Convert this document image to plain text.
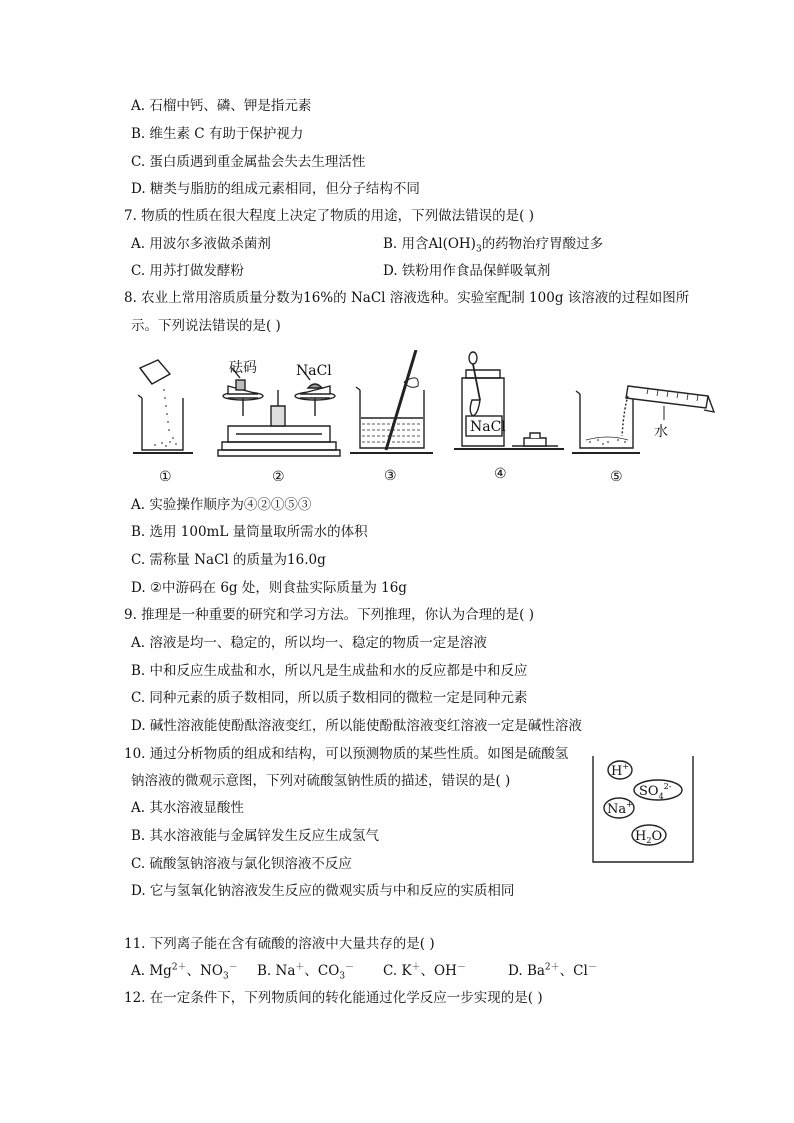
A. 石榴中钙、磷、钾是指元素
B. 维生素 C 有助于保护视力
C. 蛋白质遇到重金属盐会失去生理活性
D. 糖类与脂肪的组成元素相同，但分子结构不同
7. 物质的性质在很大程度上决定了物质的用途，下列做法错误的是( )
A. 用波尔多液做杀菌剂	B. 用含$Al(OH)_3$的药物治疗胃酸过多
C. 用苏打做发酵粉	D. 铁粉用作食品保鲜吸氧剂
8. 农业上常用溶质质量分数为16%的 NaCl 溶液选种。实验室配制 100g 该溶液的过程如图所
示。下列说法错误的是( )
①
砝码	NaCl
②	③
NaCl
④
水
⑤
A. 实验操作顺序为④②①⑤③
B. 选用 100mL 量筒量取所需水的体积
C. 需称量 NaCl 的质量为16.0g
D. ②中游码在 6g 处，则食盐实际质量为 16g
9. 推理是一种重要的研究和学习方法。下列推理，你认为合理的是( )
A. 溶液是均一、稳定的，所以均一、稳定的物质一定是溶液
B. 中和反应生成盐和水，所以凡是生成盐和水的反应都是中和反应
C. 同种元素的质子数相同，所以质子数相同的微粒一定是同种元素
D. 碱性溶液能使酚酞溶液变红，所以能使酚酞溶液变红溶液一定是碱性溶液
10. 通过分析物质的组成和结构，可以预测物质的某些性质。如图是硫酸氢
钠溶液的微观示意图，下列对硫酸氢钠性质的描述，错误的是( )
A. 其水溶液显酸性
B. 其水溶液能与金属锌发生反应生成氢气
C. 硫酸氢钠溶液与氯化钡溶液不反应
D. 它与氢氧化钠溶液发生反应的微观实质与中和反应的实质相同
H+
$SO_4^{2-}$
Na+
$H_2O$
11. 下列离子能在含有硫酸的溶液中大量共存的是( )
A. $Mg^{2+}$、$NO_3^-$ B. Na＋、$CO_3^-$ C. K＋、OH－	D. $Ba^{2+}$、Cl－
12. 在一定条件下，下列物质间的转化能通过化学反应一步实现的是( )
